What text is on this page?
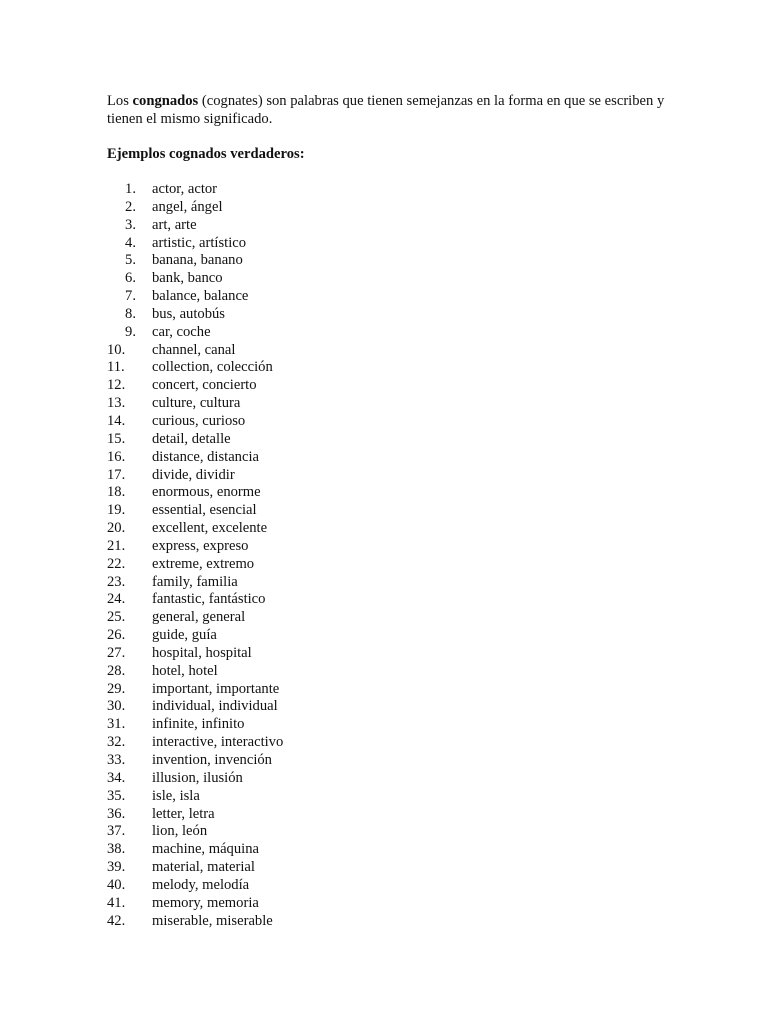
Los congnados (cognates) son palabras que tienen semejanzas en la forma en que se escriben y tienen el mismo significado.

Ejemplos cognados verdaderos:

1. actor, actor
2. angel, ángel
3. art, arte
4. artistic, artístico
5. banana, banano
6. bank, banco
7. balance, balance
8. bus, autobús
9. car, coche
10.	channel, canal
11.	collection, colección
12.	concert, concierto
13.	culture, cultura
14.	curious, curioso
15.	detail, detalle
16.	distance, distancia
17.	divide, dividir
18.	enormous, enorme
19.	essential, esencial
20.	excellent, excelente
21.	express, expreso
22.	extreme, extremo
23.	family, familia
24.	fantastic, fantástico
25.	general, general
26.	guide, guía
27.	hospital, hospital
28.	hotel, hotel
29.	important, importante
30.	individual, individual
31.	infinite, infinito
32.	interactive, interactivo
33.	invention, invención
34.	illusion, ilusión
35.	isle, isla
36.	letter, letra
37.	lion, león
38.	machine, máquina
39.	material, material
40.	melody, melodía
41.	memory, memoria
42.	miserable, miserable
